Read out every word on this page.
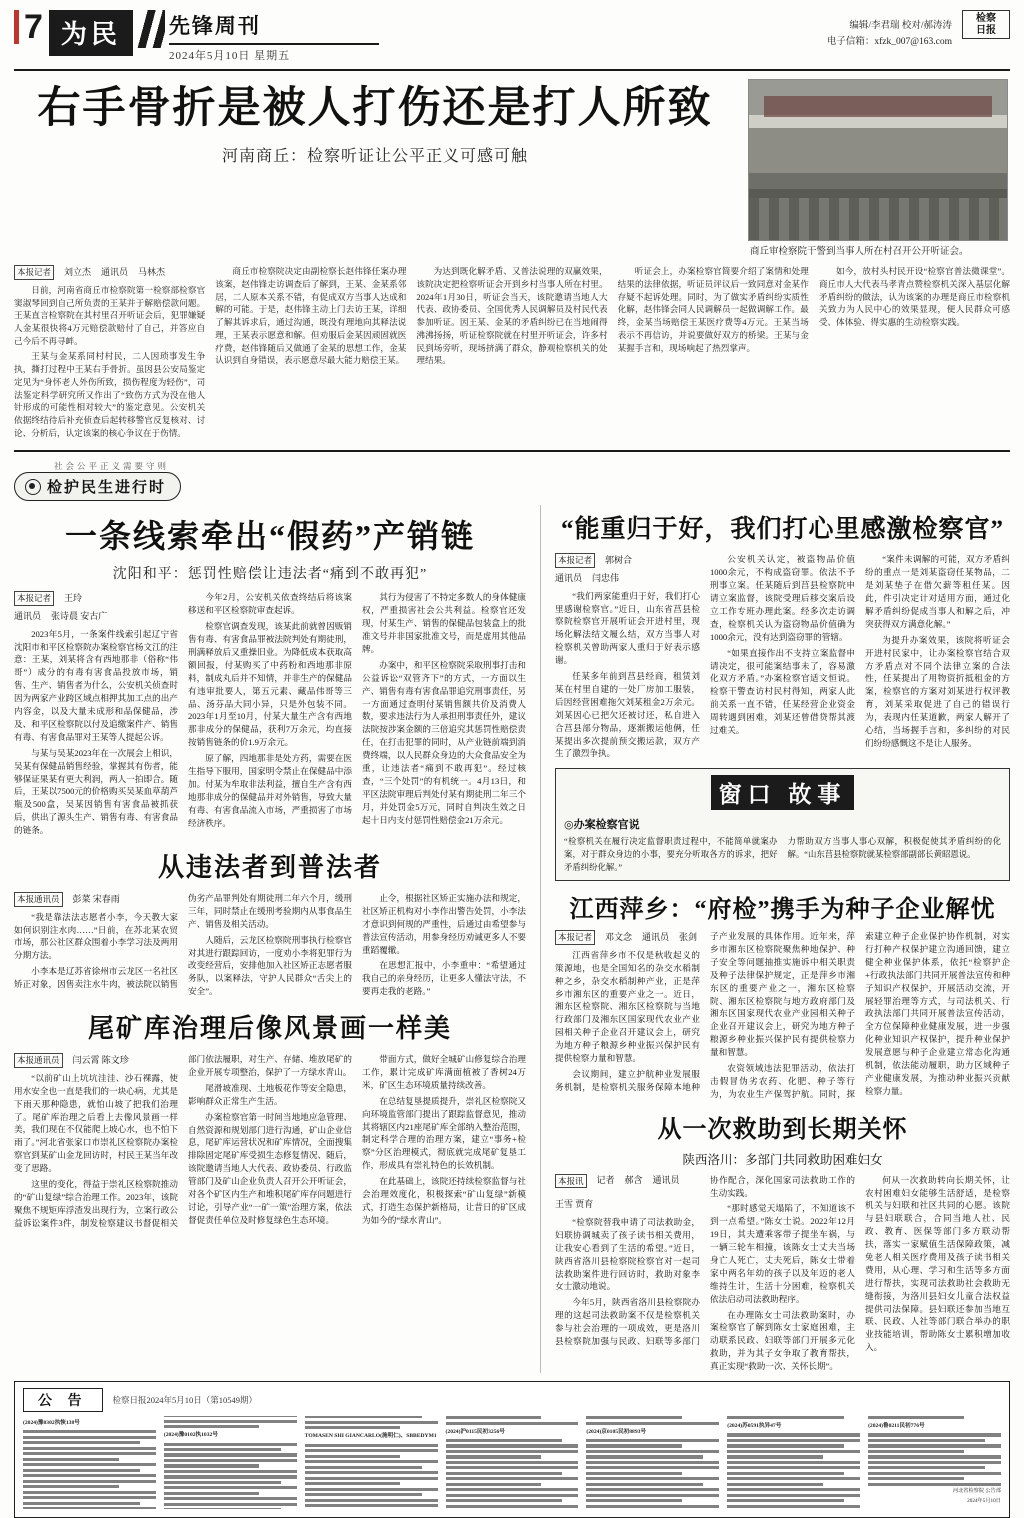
7 为民	先锋周刊
2024年5月10日 星期五
编辑/李君瑞 校对/郝涛涛
电子信箱：xfzk_007@163.com
检察
日报
右手骨折是被人打伤还是打人所致
河南商丘：检察听证让公平正义可感可触
商丘审检察院干警到当事人所在村召开公开听证会。
本报记者	刘立杰 通讯员 马林杰

日前，河南省商丘市检察院第一检察部检察官窦淑琴回到自己所负责的王某并于解赔偿款问题。王某直言检察院在其村里召开听证会后，犯罪嫌疑人金某很快将4万元赔偿款赔付了自己，并答应自己今后不再寻衅。

王某与金某系同村村民，二人因琐事发生争执，撕打过程中王某右手骨折。虽因县公安局鉴定定见为“身怀老人外伤所致，损伤程度为轻伤”，司法鉴定科学研究所又作出了“致伤方式为没在他人针形成的可能性相对较大”的鉴定意见。公安机关依据终结待后补充侦查后起转移警官反复核对、讨论、分析后，认定该案的核心争议在于伤情。

商丘市检察院决定由副检察长赵伟锋任案办理该案，赵伟锋走访调查后了解到，王某、金某系邻居，二人原本关系不错，有促成双方当事人达成和解的可能。于是，赵伟锋主动上门去访王某，详细了解其诉求后，通过沟通，既没有理地向其释法说理，王某表示愿意和解。但劝服后金某因顽固就医疗费，赵伟锋随后又做通了金某的思想工作，金某认识到自身错误，表示愿意尽最大能力赔偿王某。

为达到既化解矛盾、又普法说理的双赢效果，该院决定把检察听证会开到乡村当事人所在村里。2024年1月30日，听证会当天，该院邀请当地人大代表、政协委员、全国优秀人民调解员及村民代表参加听证。因王某、金某的矛盾纠纷已在当地闹得沸沸扬扬，听证检察院就在村里开听证会，许多村民到场旁听，现场挤满了群众，静观检察机关的处理结果。

听证会上，办案检察官简要介绍了案情和处理结果的法律依据，听证员评议后一致同意对金某作存疑不起诉处理。同时，为了做实矛盾纠纷实质性化解，赵伟锋会同人民调解员一起做调解工作。最终，金某当场赔偿王某医疗费等4万元。王某当场表示不再信访，并说要做好双方的桥梁。王某与金某握手言和，现场响起了热烈掌声。

如今，放村头村民开设“检察官普法微课堂”。商丘市人大代表马孝青点赞检察机关深入基层化解矛盾纠纷的做法，认为该案的办理是商丘市检察机关致力为人民中心的效果显现，便人民群众可感受、体体验、得实惠的生动检察实践。

社会公平正义需要守则
检护民生进行时
一条线索牵出“假药”产销链
沈阳和平：惩罚性赔偿让违法者“痛到不敢再犯”
本报记者	王玲
通讯员 张诗晨 安古广

2023年5月，一条案件线索引起辽宁省沈阳市和平区检察院办案检察官杨文江的注意：王某，刘某将含有西地那非（俗称“伟哥”）成分的有毒有害食品投放市场，销售、生产、销售者为什么，公安机关侦查时因为两家产业跨区域点相押其加工点的出产内容金，以及大量未成形和品保健品，涉及、和平区检察院以付及追缴案件产、销售有毒、有害食品罪对王某等人提起公诉。

与某与吴某2023年在一次展会上相识，吴某有保健品销售经验，掌握其有伤者，能够保证果某有更大利润，两人一拍即合。随后，王某以7500元的价格购买吴某血草葫芦瓶及500盒，吴某因销售有害食品被抓获后，供出了源头生产、销售有毒、有害食品的链条。

今年2月，公安机关依查终结后将该案移送和平区检察院审查起诉。

检察官调查发现，该某此前就曾因贩销售有毒、有害食品罪被法院判处有期徒刑，刑满释放后又重操旧业。为降低成本获取高额回报，付某购买了中药粉和西地那非原料，制成丸后并不知情，并非生产的保健品有违审批要人，第五元素、藏品伟哥等三品、汤芬品大同小异，只是外包装不同。2023年1月至10月，付某大量生产含有西地那非成分的保健品，获利7万余元，均直接按销售链条的价1.9万余元。

原了解，四地那非是处方药，需要在医生指导下服用，国家明令禁止在保健品中添加。付某为牟取非法利益，擅自生产含有西地那非成分的保健品并对外销售，导致大量有毒、有害食品流入市场，严重损害了市场经济秩序。

其行为侵害了不特定多数人的身体健康权，严重损害社会公共利益。检察官还发现，付某生产、销售的保健品包装盒上的批准文号并非国家批准文号，而是虚用其他品牌。

办案中，和平区检察院采取刑事打击和公益诉讼“双管齐下”的方式，一方面以生产、销售有毒有害食品罪追究刑事责任，另一方面通过查明付某销售额共价及消费人数，要求违法行为人承担刑事责任外，建议法院按涉案金额的三倍追究其惩罚性赔偿责任，在打击犯罪的同时，从产业链前端到消费终端，以人民群众身边的大众食品安全为重，让违法者“痛到不敢再犯”。经过核查，“三个处罚”的有机统一。4月13日，和平区法院审理后判处付某有期徒刑二年三个月，并处罚金5万元，同时自判决生效之日起十日内支付惩罚性赔偿金21万余元。

从违法者到普法者
本报通讯员	彭菜 宋春雨

“我是靠法法志愿者小李，今天教大家如何识别注水肉……”日前，在苏北某农贸市场，那公社区群众围着小李学习法及两用分期方法。

小李本是辽苏省徐州市云龙区一名社区矫正对象，因售卖注水牛肉，被法院以销售伪劣产品罪判处有期徒刑二年六个月，缓刑三年，同时禁止在缓刑考验期内从事食品生产、销售及相关活动。

人随后，云龙区检察院刑事执行检察官对其进行跟踪回访，一度劝小李将犯罪行为改变经营后，安排他加入社区矫正志愿者服务队，以案释法，守护人民群众“舌尖上的安全”。

止令，根据社区矫正实施办法和规定，社区矫正机构对小李作出警告处罚，小李法才意识到何规的严重性，后通过由希望参与普法宣传活动，用参身经历劝诫更多人不要重蹈覆辙。

在思想汇报中，小李重申：“希望通过我自己的亲身经历，让更多人懂法守法，不要再走我的老路。”

尾矿库治理后像风景画一样美
本报通讯员	闫云霄 陈文珍

“以前矿山上坑坑洼洼、沙石裸露，使用水安全也一直是我们的一块心病，尤其是下雨天那种隐患，就怕山坡了把我们治理了。尾矿库治理之后看上去像风景画一样美，我们现在不仅能爬上坡心水，也不怕下雨了。”河北省张家口市崇礼区检察院办案检察官到某矿山金龙回访时，村民王某当年改变了思路。

这里的变化，得益于崇礼区检察院推动的“矿山复绿”综合治理工作。2023年，该院聚焦不规矩库浮渣发出现行为，立案行政公益诉讼案件3件，制发检察建议书督促相关部门依法履职，对生产、存储、堆放尾矿的企业开展专项整治，保护了一方绿水青山。

尾滑坡准现、土地板花作等安全隐患，影响群众正常生产生活。

办案检察官第一时间当地地应急管理、自然资源和规划部门进行沟通，矿山企业信息，尾矿库运营状况和矿库情况，全面搜集排除固定尾矿库受损生态修复情况、随后，该院邀请当地人大代表、政协委员、行政监管部门及矿山企业负责人召开公开听证会，对各个矿区内生产和堆积尾矿库存问题进行讨论，引导产业“一矿一策”治理方案，依法督促责任单位及时修复绿色生态环境。

带面方式，做好全城矿山修复综合治理工作，累计完成矿库满面植被了香树24万米，矿区生态环境质量持续改善。

在总结复垦提质提升，崇礼区检察院又向环境监管部门提出了跟踪监督意见，推动其将辖区内21座尾矿库全部纳入整治范围，制定科学合理的治理方案，建立“事务+检察”分区治理模式，彻底就完成尾矿复垦工作，形成具有崇礼特色的长效机制。

在此基础上，该院还持续检察监督与社会治理效度化，积极探索“矿山复绿”新模式，打造生态保护新格局，让昔日的矿区成为如今的“绿水青山”。

“能重归于好，我们打心里感激检察官”
本报记者	郭树合
通讯员 闫忠伟

“我们两家能重归于好，我们打心里感谢检察官。”近日，山东省莒县检察院检察官开展听证会开进村里，现场化解法结文履么结，双方当事人对检察机关曾助两家人重归于好表示感谢。

任某多年前到莒县经商，租赁刘某在村里自建的一处厂房加工服装，后因经营困难拖欠刘某租金2万余元。刘某因心已把欠还被讨还，私自进入合莒县部分物品，逐渐搬运他俩，任某提出多次提前预交搬运款，双方产生了激烈争执。

公安机关认定，被盗物品价值1000余元，不构成盗窃罪。依法不予刑事立案。任某随后到莒县检察院申请立案监督，该院受理后移交案后设立工作专班办理此案。经多次走访调查，检察机关认为盗窃物品价值确为1000余元，没有达到盗窃罪的管辖。

“如果直接作出不支持立案监督申请决定，很可能案结事未了，容易激化双方矛盾。”办案检察官适文恒说。检察干警查访村民村得知，两家人此前关系一直不错，任某经营企业资金周转遇到困难，刘某还曾借贷帮其渡过难关。

“案件未调解的可能，双方矛盾纠纷的重点一是刘某盗窃任某物品，二是刘某垫子在借欠薪等租任某。因此，件引决定计对适用方面，通过化解矛盾纠纷促成当事人和解之后，冲突获得双方满意化解。”

为提升办案效果，该院将听证会开进村民家中，让办案检察官结合双方矛盾点对不同个法律立案的合法性，任某提出了用物资折抵租金的方案，检察官的方案对刘某进行权评教育，刘某采取促进了自己的错误行为，表现内任某道歉，两家人解开了心结，当场握手言和，多纠纷的对民们纷纷感慨这不是让人服务。

窗口 故事
◎办案检察官说
“检察机关在履行决定监督职责过程中，不能简单就案办案，对于群众身边的小事，要充分听取各方的诉求，把好矛盾纠纷化解。”
力帮助双方当事人事心双解，积极促使其矛盾纠纷的化解。“山东莒县检察院就某检察部副部长黄昭恩说。
江西萍乡：“府检”携手为种子企业解忧
本报记者	邓文念 通讯员 张剑

江西省萍乡市不仅是秋收起义的策源地，也是全国知名的杂交水稻制种之乡，杂交水稻制种产业，正是萍乡市湘东区的重要产业之一。近日，湘东区检察院、湘东区检察院与当地行政部门及湘东区国家现代农业产业园相关种子企业召开建议会上，研究为地方种子粮源乡种业振兴保护民有提供检察力量和智慧。

会议期间，建立护航种业发展服务机制，是检察机关服务保障本地种子产业发展的具体作用。近年来，萍乡市湘东区检察院聚焦种地保护、种子安全等问题抽推实施诉中相关职责及种子法律保护规定，正是萍乡市湘东区的重要产业之一，湘东区检察院、湘东区检察院与地方政府部门及湘东区国家现代农业产业园相关种子企业召开建议会上，研究为地方种子粮源乡种业振兴保护民有提供检察力量和智慧。

农资领域违法犯罪活动，依法打击假冒伪劣农药、化肥、种子等行为，为农业生产保驾护航。同时，探索建立种子企业保护协作机制，对实行打种产权保护建立沟通回馈，建立健全种业保护体系，依托“检察护企+行政执法部门共同开展普法宣传和种子知识产权保护，开展活动交流，开展轻罪治理等方式，与司法机关、行政执法部门共同开展普法宣传活动，全方位保障种业健康发展，进一步强化种业知识产权保护，提升种业保护发展意愿与种子企业建立常态化沟通机制，依法能动履职，助力区域种子产业健康发展，为推动种业振兴贡献检察力量。

从一次救助到长期关怀
陕西洛川：多部门共同救助困难妇女
本报讯	记者 郝含 通讯员
王雪 贾育

“检察院替我申请了司法救助金，妇联协调城卖了孩子读书相关费用，让我安心看到了生活的希望。”近日，陕西省洛川县检察院检察官对一起司法救助案件进行回访时，救助对象李女士激动地说。

今年5月，陕西省洛川县检察院办理的这起司法救助案不仅是检察机关参与社会治理的一项成效，更是洛川县检察院加强与民政、妇联等多部门协作配合，深化国家司法救助工作的生动实践。

“那时感觉天塌陷了，不知道该不到一点希望。”陈女士说。2022年12月19日，其夫遭乘客带子提坐车祸，与一辆三轮车相撞，该陈女士丈夫当场身亡人死亡，丈夫死后，陈女士带着家中两名年幼的孩子以及年迈的老人维持生计，生活十分困难，检察机关依法启动司法救助程序。

在办理陈女士司法救助案时，办案检察官了解到陈女士家庭困难，主动联系民政、妇联等部门开展多元化救助，并为其子女争取了教育帮扶，真正实现“救助一次、关怀长期”。

何从一次救助转向长期关怀，让农村困难妇女能够生活舒适，是检察机关与妇联和社区共同的心愿。该院与县妇联联合，合同当地人社、民政、教育、医保等部门多方联动帮扶，落实一家赋值生活保障政策，减免老人相关医疗费用及孩子读书相关费用，从心理、学习和生活等多方面进行帮扶，实现司法救助社会救助无缝衔接，为洛川县妇女儿童合法权益提供司法保障。县妇联还参加当地互联、民政、人社等部门联合举办的职业技能培训，帮助陈女士累积增加收入。

公 告	检察日报2024年5月10日（第10549期）
(2024)豫0302执恢138号
(2024)豫0102执1032号	TOMASEN SHI GIANCARLO(施明仁)、SBBEDYM1
(2024)沪0115民初3256号	(2024)京0105民初8893号
(2024)苏0591执异47号	(2024)鲁0211民初776号
河北省检察院 公告部
2024年5月10日
